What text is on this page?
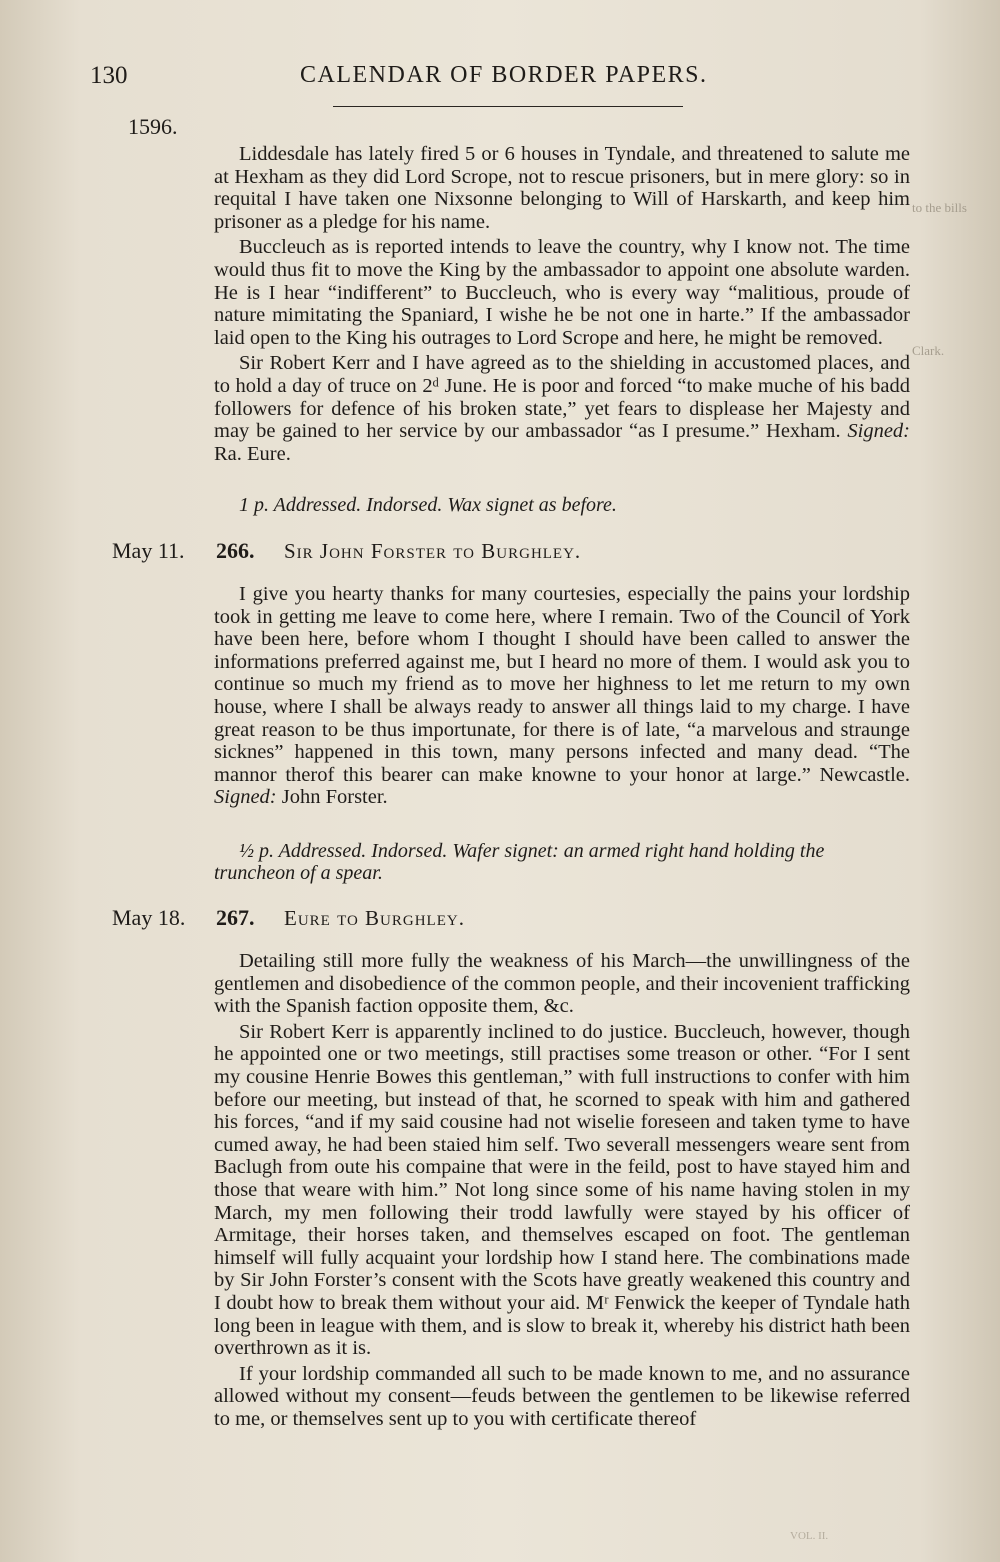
130	CALENDAR OF BORDER PAPERS.
1596.
to the bills
Clark.
VOL. II.

Liddesdale has lately fired 5 or 6 houses in Tyndale, and threatened to salute me at Hexham as they did Lord Scrope, not to rescue prisoners, but in mere glory: so in requital I have taken one Nixsonne belonging to Will of Harskarth, and keep him prisoner as a pledge for his name.

Buccleuch as is reported intends to leave the country, why I know not. The time would thus fit to move the King by the ambassador to appoint one absolute warden. He is I hear “indifferent” to Buccleuch, who is every way “malitious, proude of nature mimitating the Spaniard, I wishe he be not one in harte.” If the ambassador laid open to the King his outrages to Lord Scrope and here, he might be removed.

Sir Robert Kerr and I have agreed as to the shielding in accustomed places, and to hold a day of truce on 2ᵈ June. He is poor and forced “to make muche of his badd followers for defence of his broken state,” yet fears to displease her Majesty and may be gained to her service by our ambassador “as I presume.” Hexham. Signed: Ra. Eure.

1 p. Addressed. Indorsed. Wax signet as before.
May 11. 266. Sir John Forster to Burghley.

I give you hearty thanks for many courtesies, especially the pains your lordship took in getting me leave to come here, where I remain. Two of the Council of York have been here, before whom I thought I should have been called to answer the informations preferred against me, but I heard no more of them. I would ask you to continue so much my friend as to move her highness to let me return to my own house, where I shall be always ready to answer all things laid to my charge. I have great reason to be thus importunate, for there is of late, “a marvelous and straunge sicknes” happened in this town, many persons infected and many dead. “The mannor therof this bearer can make knowne to your honor at large.” Newcastle. Signed: John Forster.

½ p. Addressed. Indorsed. Wafer signet: an armed right hand holding the truncheon of a spear.
May 18. 267. Eure to Burghley.

Detailing still more fully the weakness of his March—the unwillingness of the gentlemen and disobedience of the common people, and their incovenient trafficking with the Spanish faction opposite them, &c.

Sir Robert Kerr is apparently inclined to do justice. Buccleuch, however, though he appointed one or two meetings, still practises some treason or other. “For I sent my cousine Henrie Bowes this gentleman,” with full instructions to confer with him before our meeting, but instead of that, he scorned to speak with him and gathered his forces, “and if my said cousine had not wiselie foreseen and taken tyme to have cumed away, he had been staied him self. Two severall messengers weare sent from Baclugh from oute his compaine that were in the feild, post to have stayed him and those that weare with him.” Not long since some of his name having stolen in my March, my men following their trodd lawfully were stayed by his officer of Armitage, their horses taken, and themselves escaped on foot. The gentleman himself will fully acquaint your lordship how I stand here. The combinations made by Sir John Forster’s consent with the Scots have greatly weakened this country and I doubt how to break them without your aid. Mʳ Fenwick the keeper of Tyndale hath long been in league with them, and is slow to break it, whereby his district hath been overthrown as it is.

If your lordship commanded all such to be made known to me, and no assurance allowed without my consent—feuds between the gentlemen to be likewise referred to me, or themselves sent up to you with certificate thereof
